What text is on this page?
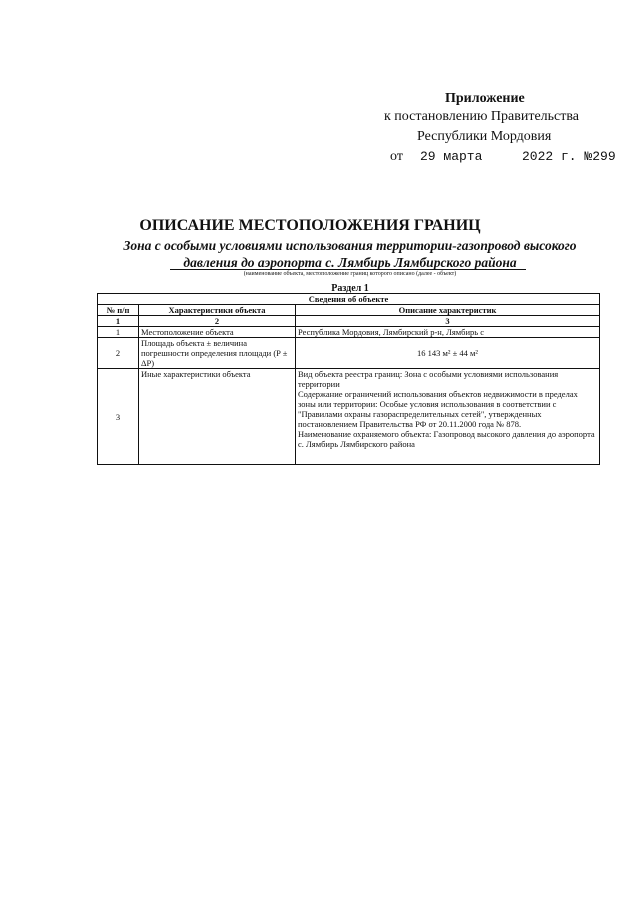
Приложение
к постановлению Правительства
Республики Мордовия
от 29 марта	2022 г. №299
ОПИСАНИЕ МЕСТОПОЛОЖЕНИЯ ГРАНИЦ
Зона с особыми условиями использования территории-газопровод высокого
давления до аэропорта с. Лямбирь Лямбирского района
(наименование объекта, местоположение границ которого описано (далее - объект)
Раздел 1
Сведения об объекте		
№ п/п	Характеристики объекта	Описание характеристик
1	2	3
1	Местоположение объекта	Республика Мордовия, Лямбирский р-н, Лямбирь с
2	Площадь объекта ± величина погрешности определения площади (P ± ΔP)	16 143 м² ± 44 м²
3	Иные характеристики объекта	Вид объекта реестра границ: Зона с особыми условиями использования территории
Содержание ограничений использования объектов недвижимости в пределах зоны или территории: Особые условия использования в соответствии с "Правилами охраны газораспределительных сетей", утвержденных постановлением Правительства РФ от 20.11.2000 года № 878.
Наименование охраняемого объекта: Газопровод высокого давления до аэропорта с. Лямбирь Лямбирского района
